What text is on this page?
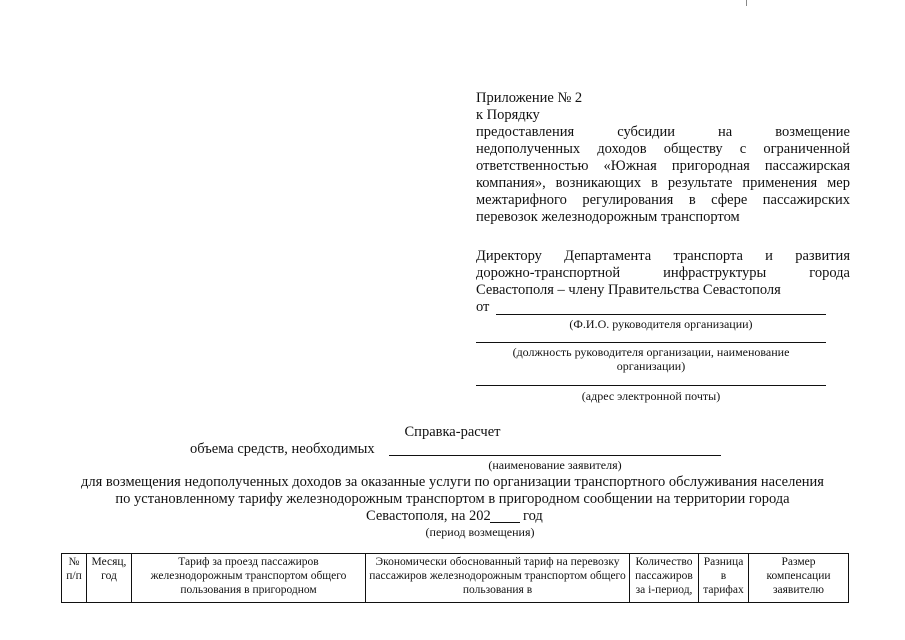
Приложение № 2
к Порядку
предоставления субсидии на возмещение
недополученных доходов обществу с ограниченной
ответственностью «Южная пригородная пассажирская
компания», возникающих в результате применения мер
межтарифного регулирования в сфере пассажирских
перевозок железнодорожным транспортом
Директору Департамента транспорта и развития
дорожно-транспортной инфраструктуры города
Севастополя – члену Правительства Севастополя
от
(Ф.И.О. руководителя организации)
(должность руководителя организации, наименование
организации)
(адрес электронной почты)
Справка-расчет
объема средств, необходимых
(наименование заявителя)
для возмещения недополученных доходов за оказанные услуги по организации транспортного обслуживания населения
по установленному тарифу железнодорожным транспортом в пригородном сообщении на территории города
Севастополя, на 202 год
(период возмещения)
№ п/п	Месяц, год	Тариф за проезд пассажиров железнодорожным транспортом общего пользования в пригородном	Экономически обоснованный тариф на перевозку пассажиров железнодорожным транспортом общего пользования в	Количество пассажиров за i-период,	Разница в тарифах	Размер компенсации заявителю
